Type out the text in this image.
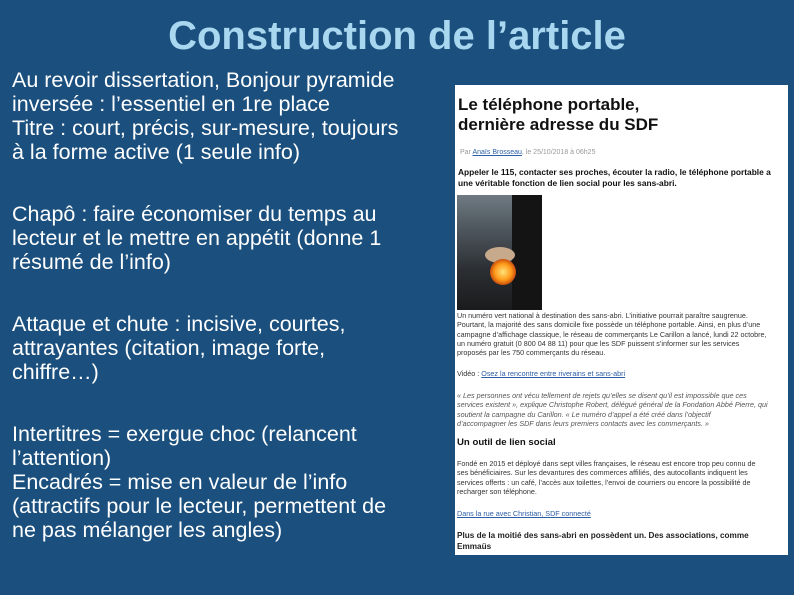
Construction de l’article
Au revoir dissertation, Bonjour pyramide
inversée : l’essentiel en 1re place
Titre : court, précis, sur-mesure, toujours
à la forme active (1 seule info)
Chapô : faire économiser du temps au
lecteur et le mettre en appétit (donne 1
résumé de l’info)
Attaque et chute : incisive, courtes,
attrayantes (citation, image forte,
chiffre…)
Intertitres = exergue choc (relancent
l’attention)
Encadrés = mise en valeur de l’info
(attractifs pour le lecteur, permettent de
ne pas mélanger les angles)
Le téléphone portable,
dernière adresse du SDF
Par Anaïs Brosseau, le 25/10/2018 à 06h25
Appeler le 115, contacter ses proches, écouter la radio, le téléphone portable a
une véritable fonction de lien social pour les sans-abri.
Un numéro vert national à destination des sans-abri. L’initiative pourrait paraître saugrenue.
Pourtant, la majorité des sans domicile fixe possède un téléphone portable. Ainsi, en plus d’une
campagne d’affichage classique, le réseau de commerçants Le Carillon a lancé, lundi 22 octobre,
un numéro gratuit (0 800 04 88 11) pour que les SDF puissent s’informer sur les services
proposés par les 750 commerçants du réseau.
Vidéo : Osez la rencontre entre riverains et sans-abri
« Les personnes ont vécu tellement de rejets qu’elles se disent qu’il est impossible que ces
services existent », explique Christophe Robert, délégué général de la Fondation Abbé Pierre, qui
soutient la campagne du Carillon. « Le numéro d’appel a été créé dans l’objectif
d’accompagner les SDF dans leurs premiers contacts avec les commerçants. »
Un outil de lien social
Fondé en 2015 et déployé dans sept villes françaises, le réseau est encore trop peu connu de
ses bénéficiaires. Sur les devantures des commerces affiliés, des autocollants indiquent les
services offerts : un café, l’accès aux toilettes, l’envoi de courriers ou encore la possibilité de
recharger son téléphone.
Dans la rue avec Christian, SDF connecté
Plus de la moitié des sans-abri en possèdent un. Des associations, comme
Emmaüs
